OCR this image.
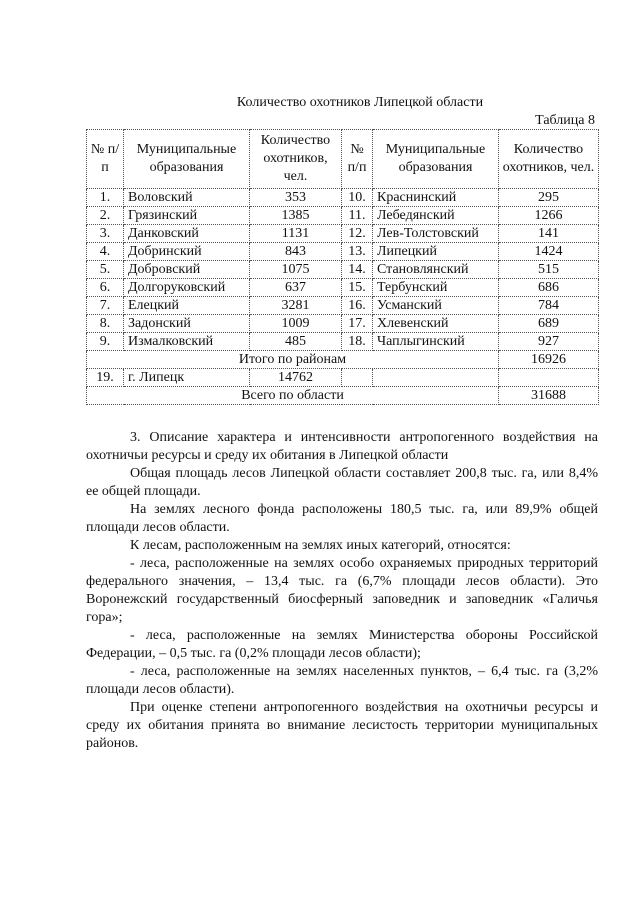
Количество охотников Липецкой области
Таблица 8
№ п/п	Муниципальные образования	Количество охотников, чел.	№ п/п	Муниципальные образования	Количество охотников, чел.
1.	Воловский	353	10.	Краснинский	295
2.	Грязинский	1385	11.	Лебедянский	1266
3.	Данковский	1131	12.	Лев-Толстовский	141
4.	Добринский	843	13.	Липецкий	1424
5.	Добровский	1075	14.	Становлянский	515
6.	Долгоруковский	637	15.	Тербунский	686
7.	Елецкий	3281	16.	Усманский	784
8.	Задонский	1009	17.	Хлевенский	689
9.	Измалковский	485	18.	Чаплыгинский	927
Итого по районам					16926
19.	г. Липецк	14762			
Всего по области					31688

3. Описание характера и интенсивности антропогенного воздействия на охотничьи ресурсы и среду их обитания в Липецкой области

Общая площадь лесов Липецкой области составляет 200,8 тыс. га, или 8,4% ее общей площади.

На землях лесного фонда расположены 180,5 тыс. га, или 89,9% общей площади лесов области.

К лесам, расположенным на землях иных категорий, относятся:

- леса, расположенные на землях особо охраняемых природных территорий федерального значения, – 13,4 тыс. га (6,7% площади лесов области). Это Воронежский государственный биосферный заповедник и заповедник «Галичья гора»;

- леса, расположенные на землях Министерства обороны Российской Федерации, – 0,5 тыс. га (0,2% площади лесов области);

- леса, расположенные на землях населенных пунктов, – 6,4 тыс. га (3,2% площади лесов области).

При оценке степени антропогенного воздействия на охотничьи ресурсы и среду их обитания принята во внимание лесистость территории муниципальных районов.
